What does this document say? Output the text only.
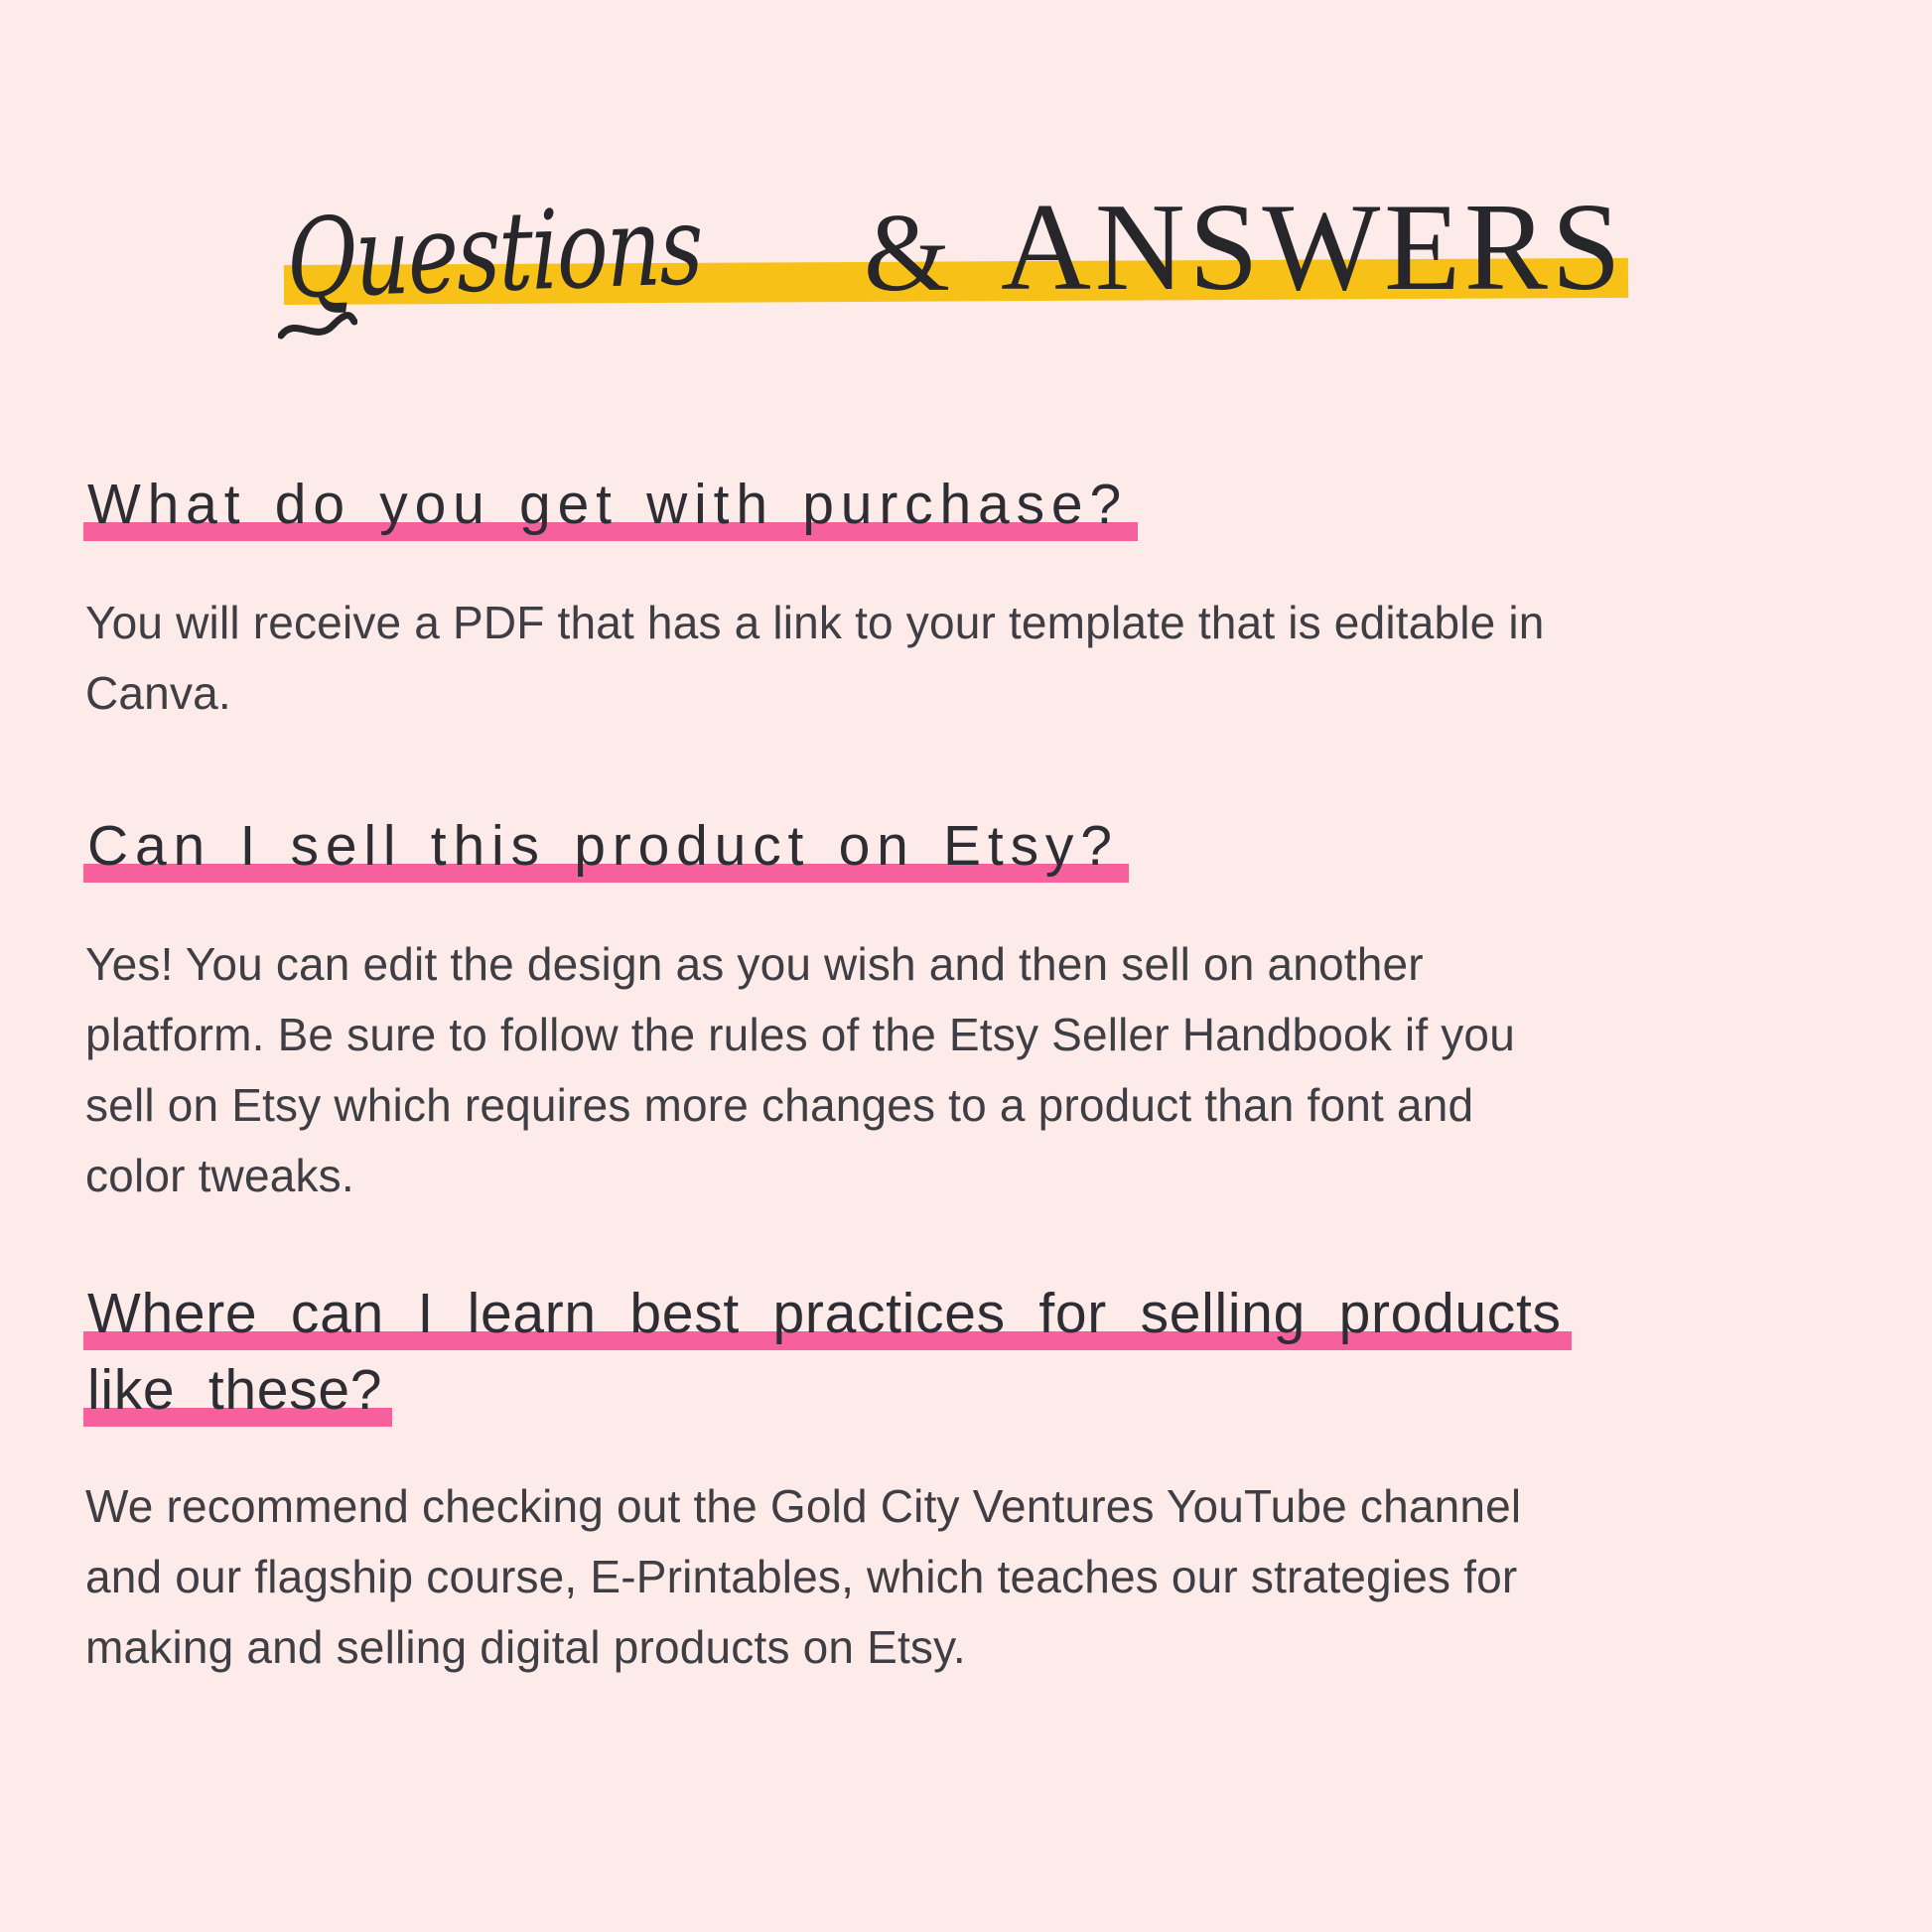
Questions & ANSWERS
What do you get with purchase?
You will receive a PDF that has a link to your template that is editable in
Canva.
Can I sell this product on Etsy?
Yes! You can edit the design as you wish and then sell on another
platform. Be sure to follow the rules of the Etsy Seller Handbook if you
sell on Etsy which requires more changes to a product than font and
color tweaks.
Where can I learn best practices for selling products
like these?
We recommend checking out the Gold City Ventures YouTube channel
and our flagship course, E-Printables, which teaches our strategies for
making and selling digital products on Etsy.
